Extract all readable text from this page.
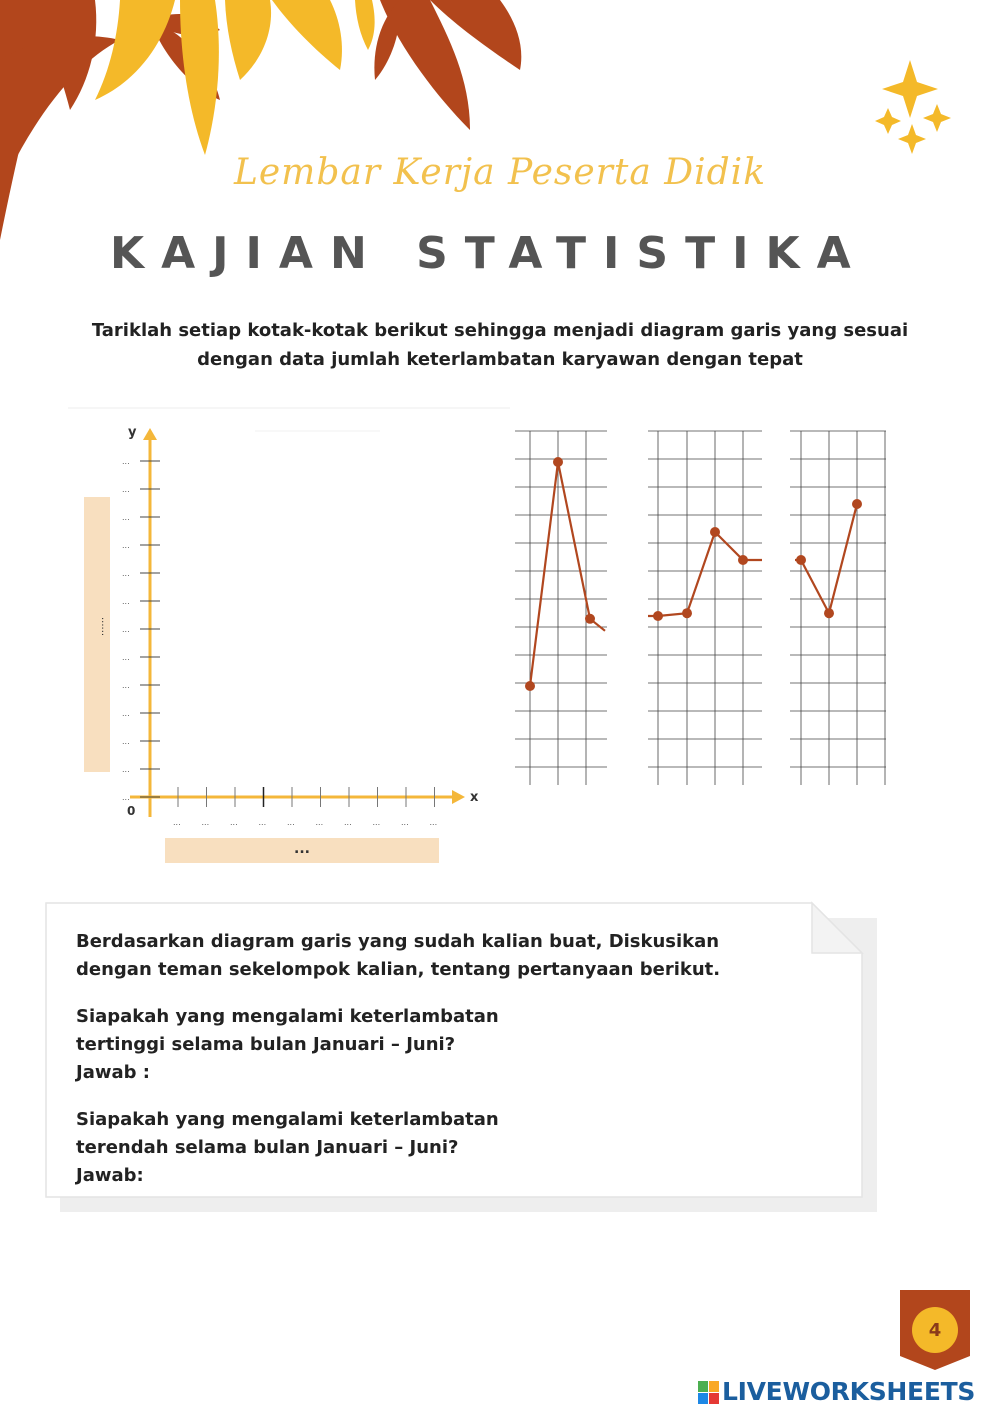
Lembar Kerja Peserta Didik
KAJIAN STATISTIKA
Tariklah setiap kotak-kotak berikut sehingga menjadi diagram garis yang sesuai dengan data jumlah keterlambatan karyawan dengan tepat
y
x
0
...
...
...
...
...
...
...
...
...
...
...
...
...
...	...	...	...	...	...	...	...	...	...
......
...

Berdasarkan diagram garis yang sudah kalian buat, Diskusikan dengan teman sekelompok kalian, tentang pertanyaan berikut.

Siapakah yang mengalami keterlambatan
tertinggi selama bulan Januari – Juni?
Jawab :

Siapakah yang mengalami keterlambatan
terendah selama bulan Januari – Juni?
Jawab:

4
LIVEWORKSHEETS
